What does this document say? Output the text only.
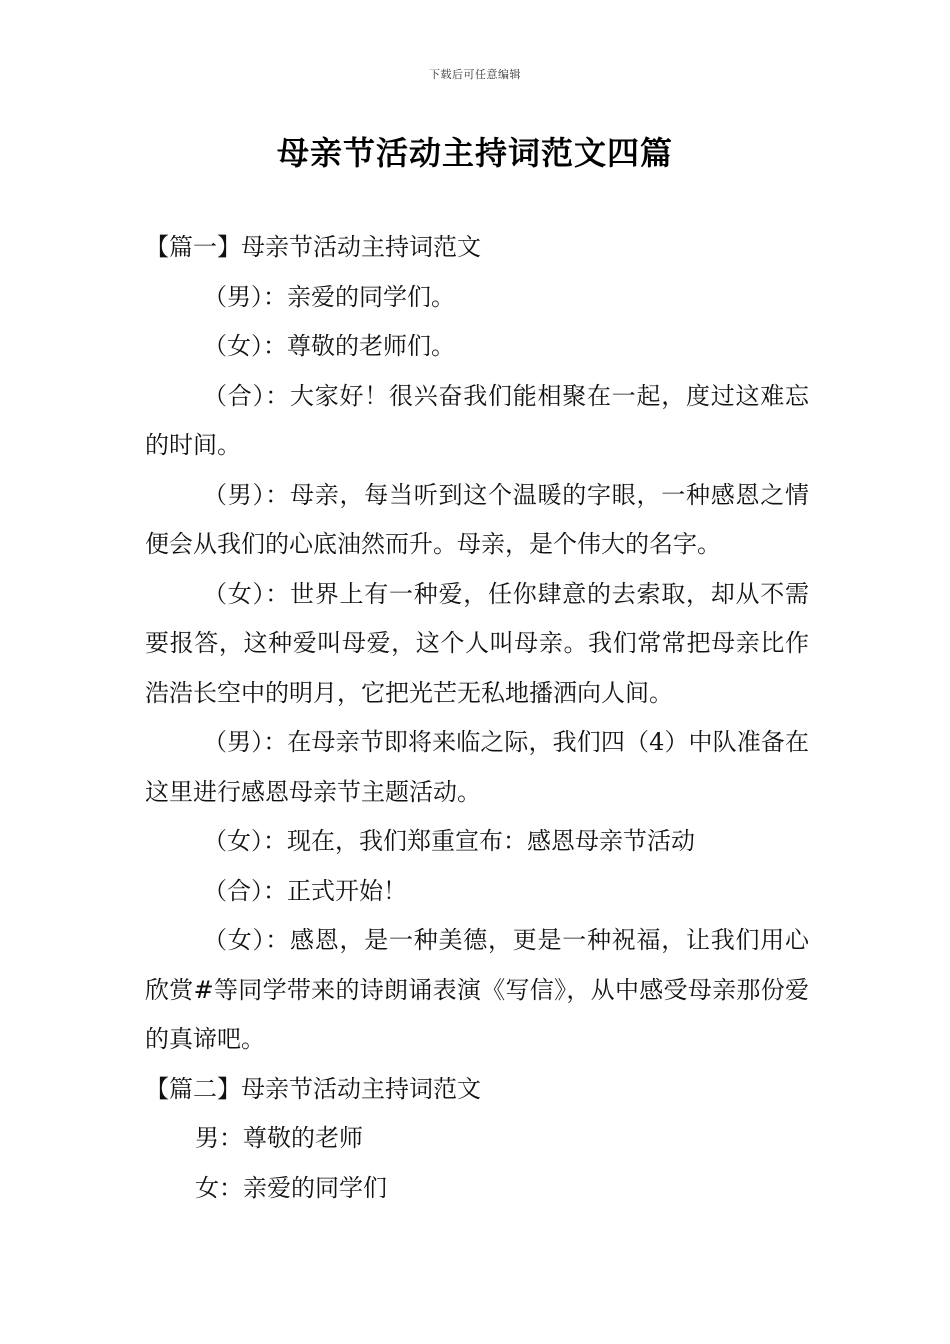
下载后可任意编辑
母亲节活动主持词范文四篇

【篇一】母亲节活动主持词范文

（男）：亲爱的同学们。

（女）：尊敬的老师们。

（合）：大家好！很兴奋我们能相聚在一起，度过这难忘的时间。

（男）：母亲，每当听到这个温暖的字眼，一种感恩之情便会从我们的心底油然而升。母亲，是个伟大的名字。

（女）：世界上有一种爱，任你肆意的去索取，却从不需要报答，这种爱叫母爱，这个人叫母亲。我们常常把母亲比作浩浩长空中的明月，它把光芒无私地播洒向人间。

（男）：在母亲节即将来临之际，我们四（4）中队准备在这里进行感恩母亲节主题活动。

（女）：现在，我们郑重宣布：感恩母亲节活动

（合）：正式开始！

（女）：感恩，是一种美德，更是一种祝福，让我们用心欣赏#等同学带来的诗朗诵表演《写信》，从中感受母亲那份爱的真谛吧。

【篇二】母亲节活动主持词范文

男：尊敬的老师

女：亲爱的同学们
